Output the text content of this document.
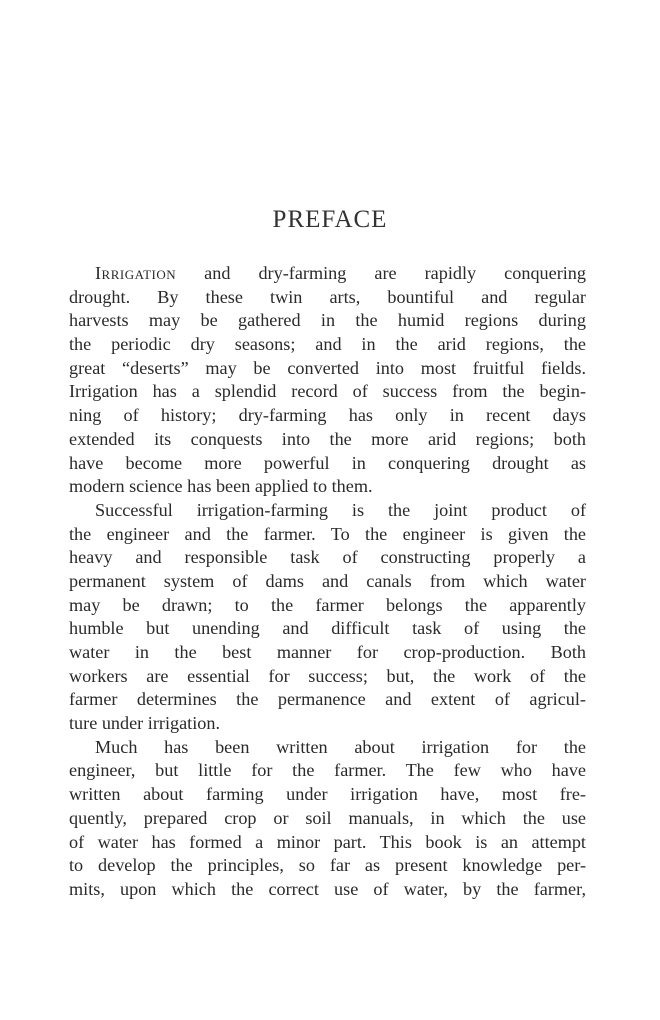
PREFACE
Irrigation and dry-farming are rapidly conquering
drought. By these twin arts, bountiful and regular
harvests may be gathered in the humid regions during
the periodic dry seasons; and in the arid regions, the
great “deserts” may be converted into most fruitful fields.
Irrigation has a splendid record of success from the begin-
ning of history; dry-farming has only in recent days
extended its conquests into the more arid regions; both
have become more powerful in conquering drought as
modern science has been applied to them.
Successful irrigation-farming is the joint product of
the engineer and the farmer. To the engineer is given the
heavy and responsible task of constructing properly a
permanent system of dams and canals from which water
may be drawn; to the farmer belongs the apparently
humble but unending and difficult task of using the
water in the best manner for crop-production. Both
workers are essential for success; but, the work of the
farmer determines the permanence and extent of agricul-
ture under irrigation.
Much has been written about irrigation for the
engineer, but little for the farmer. The few who have
written about farming under irrigation have, most fre-
quently, prepared crop or soil manuals, in which the use
of water has formed a minor part. This book is an attempt
to develop the principles, so far as present knowledge per-
mits, upon which the correct use of water, by the farmer,
